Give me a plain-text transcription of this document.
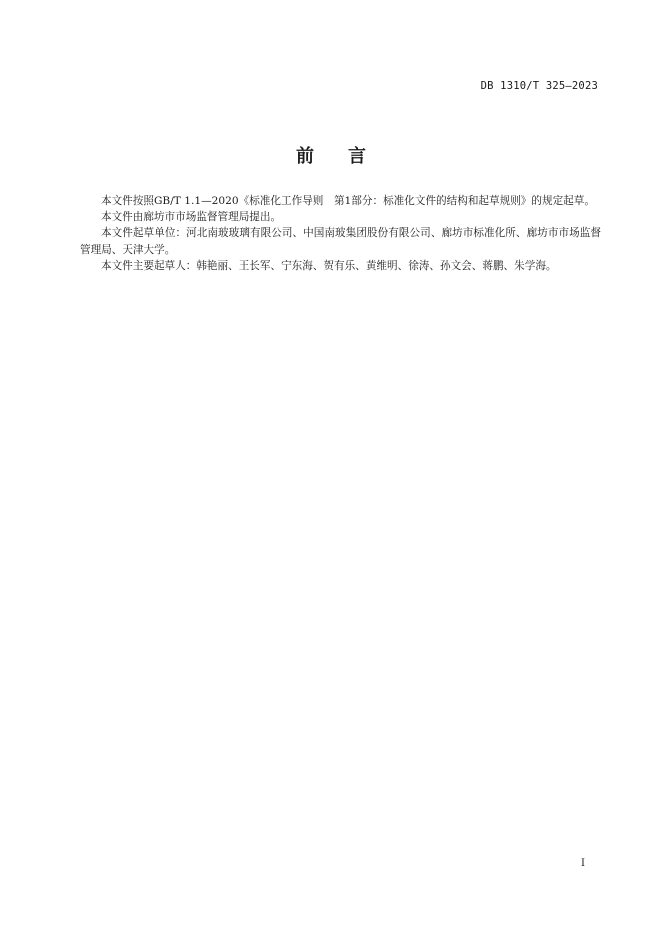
DB 1310/T 325—2023
前言

本文件按照GB/T 1.1—2020《标准化工作导则　第1部分：标准化文件的结构和起草规则》的规定起草。

本文件由廊坊市市场监督管理局提出。

本文件起草单位：河北南玻玻璃有限公司、中国南玻集团股份有限公司、廊坊市标准化所、廊坊市市场监督管理局、天津大学。

本文件主要起草人：韩艳丽、王长军、宁东海、贺有乐、黄维明、徐涛、孙文会、蒋鹏、朱学海。

I
